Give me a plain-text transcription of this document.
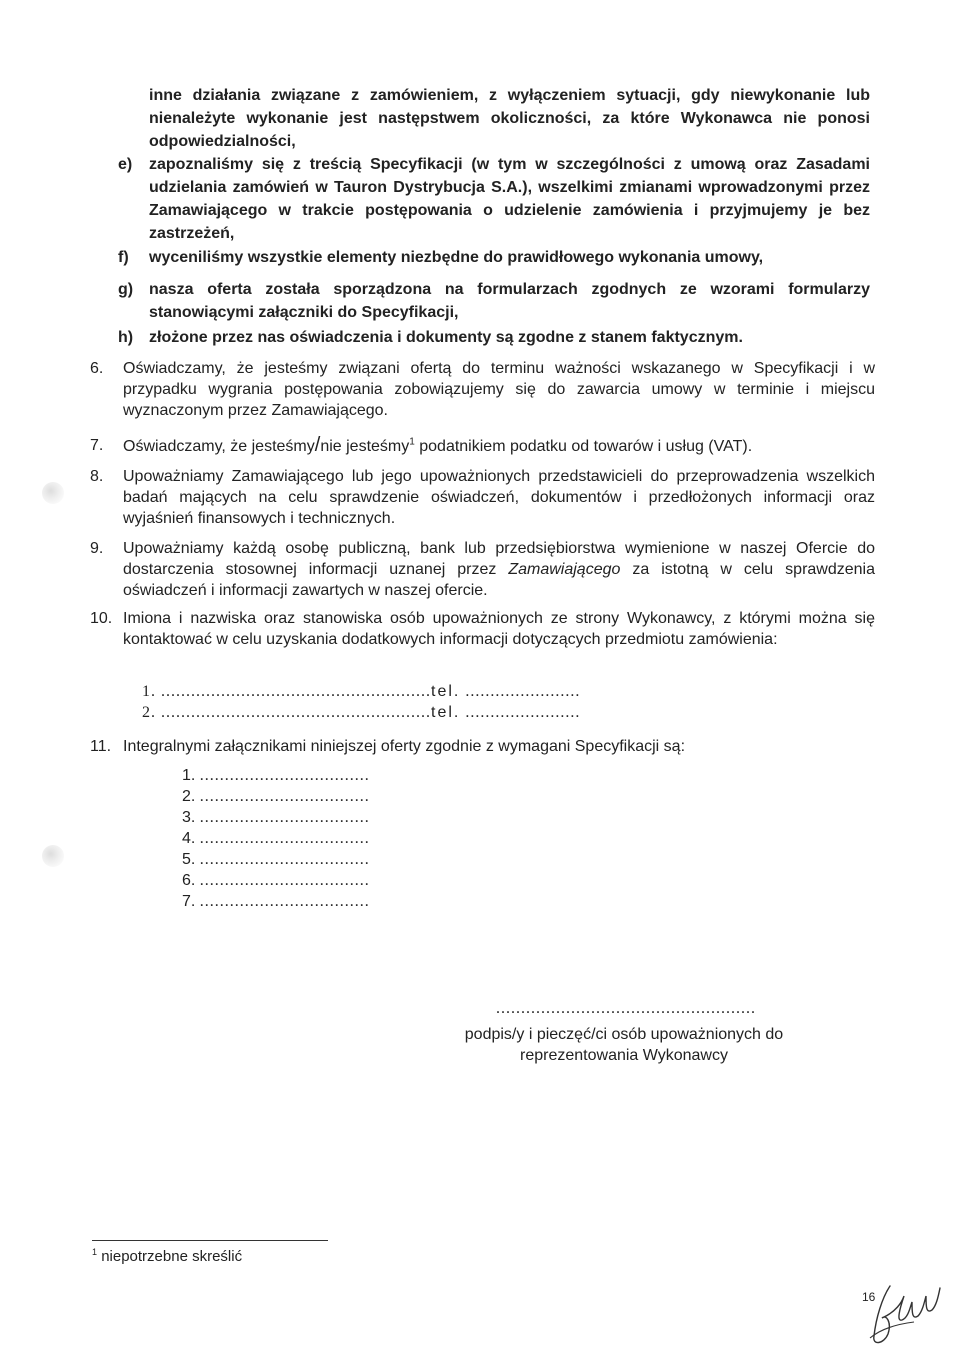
inne działania związane z zamówieniem, z wyłączeniem sytuacji, gdy niewykonanie lub nienależyte wykonanie jest następstwem okoliczności, za które Wykonawca nie ponosi odpowiedzialności,
e)	zapoznaliśmy się z treścią Specyfikacji (w tym w szczególności z umową oraz Zasadami udzielania zamówień w Tauron Dystrybucja S.A.), wszelkimi zmianami wprowadzonymi przez Zamawiającego w trakcie postępowania o udzielenie zamówienia i przyjmujemy je bez zastrzeżeń,
f)	wyceniliśmy wszystkie elementy niezbędne do prawidłowego wykonania umowy,
g) nasza oferta została sporządzona na formularzach zgodnych ze wzorami formularzy stanowiącymi załączniki do Specyfikacji,
h) złożone przez nas oświadczenia i dokumenty są zgodne z stanem faktycznym.
6.	Oświadczamy, że jesteśmy związani ofertą do terminu ważności wskazanego w Specyfikacji i w przypadku wygrania postępowania zobowiązujemy się do zawarcia umowy w terminie i miejscu wyznaczonym przez Zamawiającego.
7.	Oświadczamy, że jesteśmy/nie jesteśmy$^1$ podatnikiem podatku od towarów i usług (VAT).
8.	Upoważniamy Zamawiającego lub jego upoważnionych przedstawicieli do przeprowadzenia wszelkich badań mających na celu sprawdzenie oświadczeń, dokumentów i przedłożonych informacji oraz wyjaśnień finansowych i technicznych.
9.	Upoważniamy każdą osobę publiczną, bank lub przedsiębiorstwa wymienione w naszej Ofercie do dostarczenia stosownej informacji uznanej przez Zamawiającego za istotną w celu sprawdzenia oświadczeń i informacji zawartych w naszej ofercie.
10. Imiona i nazwiska oraz stanowiska osób upoważnionych ze strony Wykonawcy, z którymi można się kontaktować w celu uzyskania dodatkowych informacji dotyczących przedmiotu zamówienia:
1. ......................................................tel. .......................
2. ......................................................tel. .......................
11. Integralnymi załącznikami niniejszej oferty zgodnie z wymagani Specyfikacji są:
1. ..................................
2. ..................................
3. ..................................
4. ..................................
5. ..................................
6. ..................................
7. ..................................
....................................................
podpis/y i pieczęć/ci osób upoważnionych do
reprezentowania Wykonawcy
$^1$ niepotrzebne skreślić
16
